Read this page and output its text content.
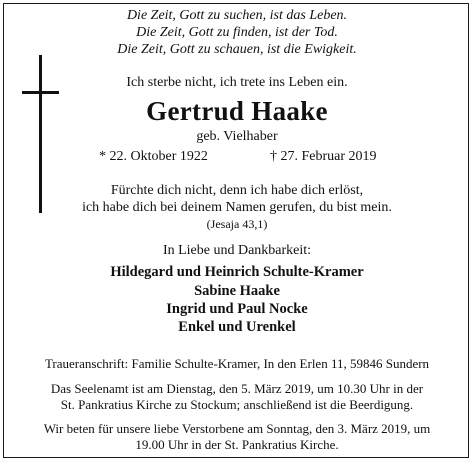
Die Zeit, Gott zu suchen, ist das Leben.
Die Zeit, Gott zu finden, ist der Tod.
Die Zeit, Gott zu schauen, ist die Ewigkeit.
Ich sterbe nicht, ich trete ins Leben ein.
Gertrud Haake
geb. Vielhaber
* 22. Oktober 1922	† 27. Februar 2019
Fürchte dich nicht, denn ich habe dich erlöst,
ich habe dich bei deinem Namen gerufen, du bist mein.
(Jesaja 43,1)
In Liebe und Dankbarkeit:
Hildegard und Heinrich Schulte-Kramer
Sabine Haake
Ingrid und Paul Nocke
Enkel und Urenkel
Traueranschrift: Familie Schulte-Kramer, In den Erlen 11, 59846 Sundern
Das Seelenamt ist am Dienstag, den 5. März 2019, um 10.30 Uhr in der
St. Pankratius Kirche zu Stockum; anschließend ist die Beerdigung.
Wir beten für unsere liebe Verstorbene am Sonntag, den 3. März 2019, um
19.00 Uhr in der St. Pankratius Kirche.
